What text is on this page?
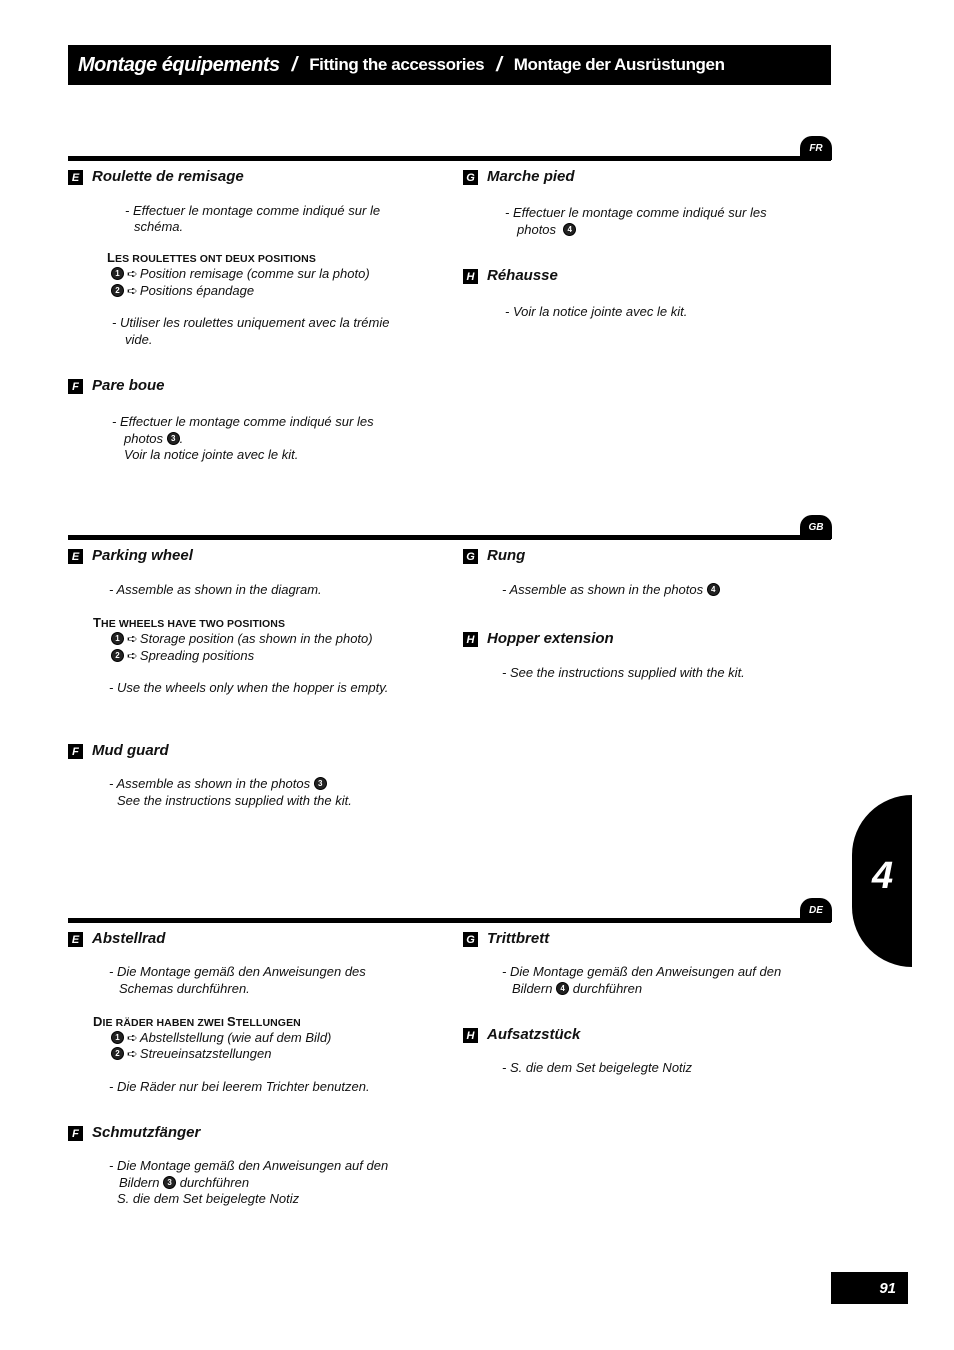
Montage équipements / Fitting the accessories / Montage der Ausrüstungen
FR
E Roulette de remisage
- Effectuer le montage comme indiqué sur le
schéma.
LES ROULETTES ONT DEUX POSITIONS
1 ➪ Position remisage (comme sur la photo)
2 ➪ Positions épandage
- Utiliser les roulettes uniquement avec la trémie
vide.
F Pare boue
- Effectuer le montage comme indiqué sur les
photos 3 .
Voir la notice jointe avec le kit.
G Marche pied
- Effectuer le montage comme indiqué sur les
photos 4
H Réhausse
- Voir la notice jointe avec le kit.
GB
E Parking wheel
- Assemble as shown in the diagram.
THE WHEELS HAVE TWO POSITIONS
1 ➪ Storage position (as shown in the photo)
2 ➪ Spreading positions
- Use the wheels only when the hopper is empty.
F Mud guard
- Assemble as shown in the photos 3
See the instructions supplied with the kit.
G Rung
- Assemble as shown in the photos 4
H Hopper extension
- See the instructions supplied with the kit.
4
DE
E Abstellrad
- Die Montage gemäß den Anweisungen des
Schemas durchführen.
DIE RÄDER HABEN ZWEI STELLUNGEN
1 ➪ Abstellstellung (wie auf dem Bild)
2 ➪ Streueinsatzstellungen
- Die Räder nur bei leerem Trichter benutzen.
F Schmutzfänger
- Die Montage gemäß den Anweisungen auf den
Bildern 3 durchführen
S. die dem Set beigelegte Notiz
G Trittbrett
- Die Montage gemäß den Anweisungen auf den
Bildern 4 durchführen
H Aufsatzstück
- S. die dem Set beigelegte Notiz
91
